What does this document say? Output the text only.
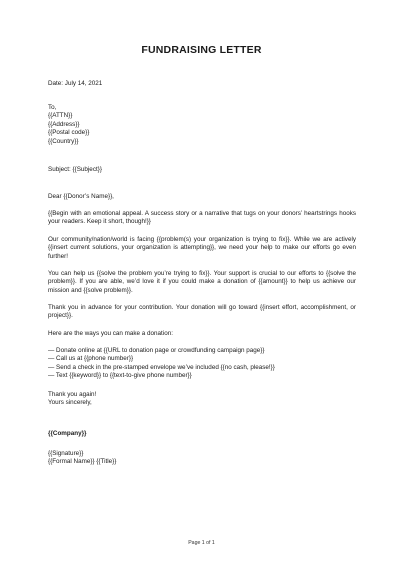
FUNDRAISING LETTER
Date: July 14, 2021
To,
{{ATTN}}
{{Address}}
{{Postal code}}
{{Country}}
Subject: {{Subject}}
Dear {{Donor’s Name}},
{{Begin with an emotional appeal. A success story or a narrative that tugs on your donors’ heartstrings hooks your readers. Keep it short, though!}}
Our community/nation/world is facing {{problem(s) your organization is trying to fix}}. While we are actively {{insert current solutions, your organization is attempting}}, we need your help to make our efforts go even further!
You can help us {{solve the problem you’re trying to fix}}. Your support is crucial to our efforts to {{solve the problem}}. If you are able, we’d love it if you could make a donation of {{amount}} to help us achieve our mission and {{solve problem}}.
Thank you in advance for your contribution. Your donation will go toward {{insert effort, accomplishment, or project}}.
Here are the ways you can make a donation:
— Donate online at {{URL to donation page or crowdfunding campaign page}}
— Call us at {{phone number}}
— Send a check in the pre-stamped envelope we’ve included {{no cash, please!}}
— Text {{keyword}} to {{text-to-give phone number}}
Thank you again!
Yours sincerely,
{{Company}}
{{Signature}}
{{Formal Name}} {{Title}}
Page 1 of 1
